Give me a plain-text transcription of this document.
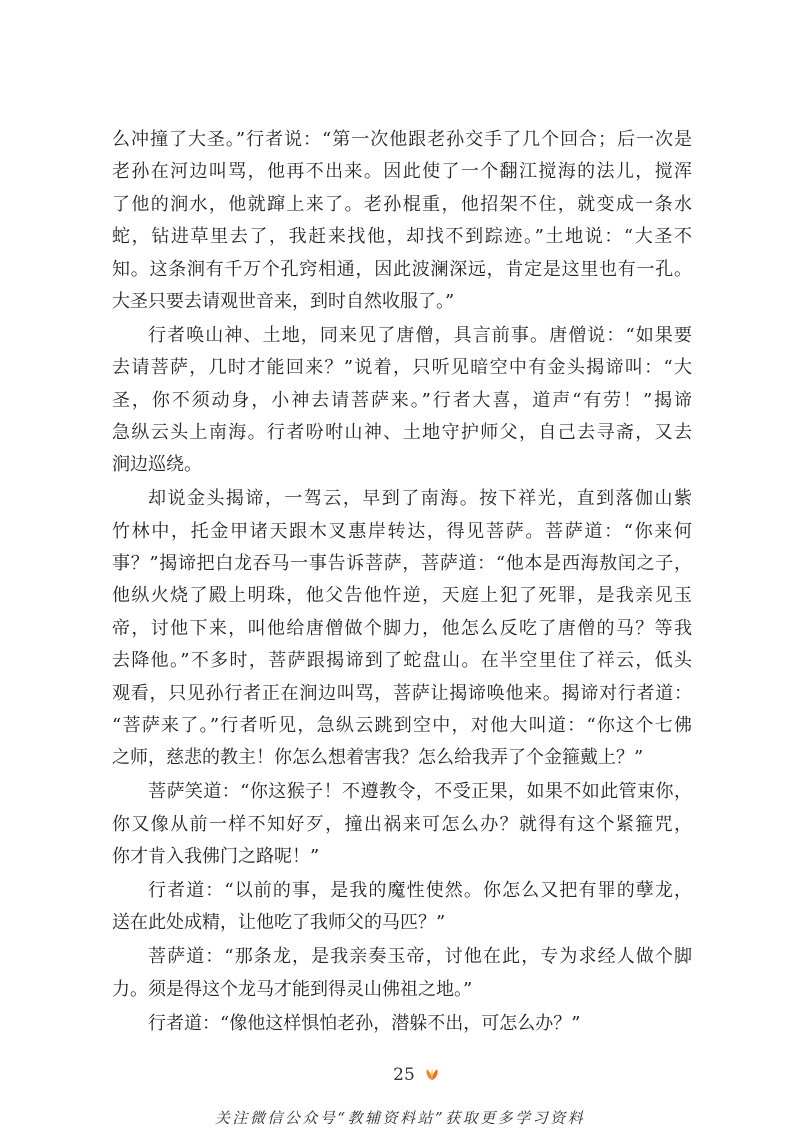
么冲撞了大圣。”行者说：“第一次他跟老孙交手了几个回合；后一次是
老孙在河边叫骂，他再不出来。因此使了一个翻江搅海的法儿，搅浑
了他的涧水，他就蹿上来了。老孙棍重，他招架不住，就变成一条水
蛇，钻进草里去了，我赶来找他，却找不到踪迹。”土地说：“大圣不
知。这条涧有千万个孔窍相通，因此波澜深远，肯定是这里也有一孔。
大圣只要去请观世音来，到时自然收服了。”
行者唤山神、土地，同来见了唐僧，具言前事。唐僧说：“如果要
去请菩萨，几时才能回来？”说着，只听见暗空中有金头揭谛叫：“大
圣，你不须动身，小神去请菩萨来。”行者大喜，道声“有劳！”揭谛
急纵云头上南海。行者吩咐山神、土地守护师父，自己去寻斋，又去
涧边巡绕。
却说金头揭谛，一驾云，早到了南海。按下祥光，直到落伽山紫
竹林中，托金甲诸天跟木叉惠岸转达，得见菩萨。菩萨道：“你来何
事？”揭谛把白龙吞马一事告诉菩萨，菩萨道：“他本是西海敖闰之子，
他纵火烧了殿上明珠，他父告他忤逆，天庭上犯了死罪，是我亲见玉
帝，讨他下来，叫他给唐僧做个脚力，他怎么反吃了唐僧的马？等我
去降他。”不多时，菩萨跟揭谛到了蛇盘山。在半空里住了祥云，低头
观看，只见孙行者正在涧边叫骂，菩萨让揭谛唤他来。揭谛对行者道：
“菩萨来了。”行者听见，急纵云跳到空中，对他大叫道：“你这个七佛
之师，慈悲的教主！你怎么想着害我？怎么给我弄了个金箍戴上？”
菩萨笑道：“你这猴子！不遵教令，不受正果，如果不如此管束你，
你又像从前一样不知好歹，撞出祸来可怎么办？就得有这个紧箍咒，
你才肯入我佛门之路呢！”
行者道：“以前的事，是我的魔性使然。你怎么又把有罪的孽龙，
送在此处成精，让他吃了我师父的马匹？”
菩萨道：“那条龙，是我亲奏玉帝，讨他在此，专为求经人做个脚
力。须是得这个龙马才能到得灵山佛祖之地。”
行者道：“像他这样惧怕老孙，潜躲不出，可怎么办？”
25
关注微信公众号“教辅资料站”获取更多学习资料
